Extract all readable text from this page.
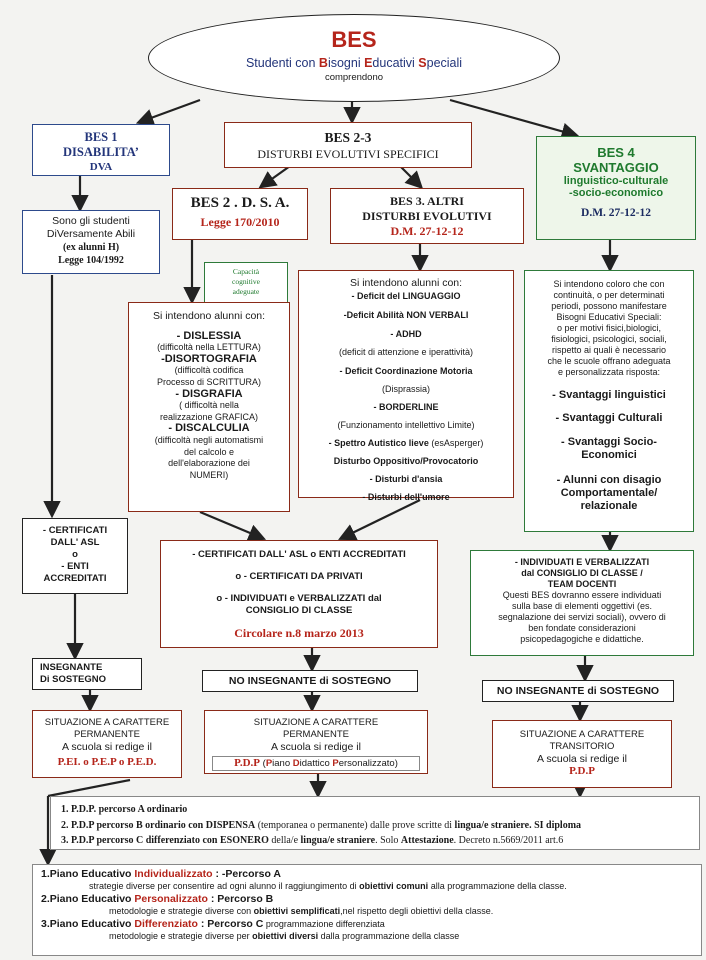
BES
Studenti con Bisogni Educativi Speciali
comprendono
BES 1
DISABILITA’
DVA
BES 2-3
DISTURBI EVOLUTIVI SPECIFICI	BES 4
SVANTAGGIO
linguistico-culturale
-socio-economico
D.M. 27-12-12
BES 2 . D. S. A.
Legge 170/2010
BES 3. ALTRI
DISTURBI EVOLUTIVI
D.M. 27-12-12
Sono gli studenti
DiVersamente Abili
(ex alunni H)
Legge 104/1992
Capacità
cognitive
adeguate
Si intendono alunni con:
- DISLESSIA
(difficoltà nella LETTURA)
-DISORTOGRAFIA
(difficoltà codifica
Processo di SCRITTURA)
- DISGRAFIA
( difficoltà nella
realizzazione GRAFICA)
- DISCALCULIA
(difficoltà negli automatismi
del calcolo e
dell'elaborazione dei
NUMERI)
Si intendono alunni con:
- Deficit del LINGUAGGIO
-Deficit Abilità NON VERBALI
- ADHD
(deficit di attenzione e iperattività)
- Deficit Coordinazione Motoria
(Disprassia)
- BORDERLINE
(Funzionamento intellettivo Limite)
- Spettro Autistico lieve (esAsperger)
Disturbo Oppositivo/Provocatorio
- Disturbi d'ansia
- Disturbi dell'umore
Si intendono coloro che con
continuità, o per determinati
periodi, possono manifestare
Bisogni Educativi Speciali:
o per motivi fisici,biologici,
fisiologici, psicologici, sociali,
rispetto ai quali è necessario
che le scuole offrano adeguata
e personalizzata risposta:
- Svantaggi linguistici
- Svantaggi Culturali
- Svantaggi Socio-
Economici
- Alunni con disagio
Comportamentale/
relazionale
- CERTIFICATI
DALL' ASL
o
- ENTI
ACCREDITATI
- CERTIFICATI DALL' ASL o ENTI ACCREDITATI
o - CERTIFICATI DA PRIVATI
o - INDIVIDUATI e VERBALIZZATI dal
CONSIGLIO DI CLASSE
Circolare n.8 marzo 2013
- INDIVIDUATI E VERBALIZZATI
dal CONSIGLIO DI CLASSE /
TEAM DOCENTI
Questi BES dovranno essere individuati
sulla base di elementi oggettivi (es.
segnalazione dei servizi sociali), ovvero di
ben fondate considerazioni
psicopedagogiche e didattiche.
INSEGNANTE
Di SOSTEGNO	NO INSEGNANTE di SOSTEGNO
NO INSEGNANTE di SOSTEGNO
SITUAZIONE A CARATTERE
PERMANENTE
A scuola si redige il
P.EI. o P.E.P o P.E.D.
SITUAZIONE A CARATTERE
PERMANENTE
A scuola si redige il
P.D.P (Piano Didattico Personalizzato)
SITUAZIONE A CARATTERE
TRANSITORIO
A scuola si redige il
P.D.P
1. P.D.P. percorso A ordinario
2. P.D.P percorso B ordinario con DISPENSA (temporanea o permanente) dalle prove scritte di lingua/e straniere. SI diploma
3. P.D.P percorso C differenziato con ESONERO della/e lingua/e straniere. Solo Attestazione. Decreto n.5669/2011 art.6
1.Piano Educativo Individualizzato : -Percorso A
strategie diverse per consentire ad ogni alunno il raggiungimento di obiettivi comuni alla programmazione della classe.
2.Piano Educativo Personalizzato : Percorso B
metodologie e strategie diverse con obiettivi semplificati,nel rispetto degli obiettivi della classe.
3.Piano Educativo Differenziato : Percorso C programmazione differenziata
metodologie e strategie diverse per obiettivi diversi dalla programmazione della classe
